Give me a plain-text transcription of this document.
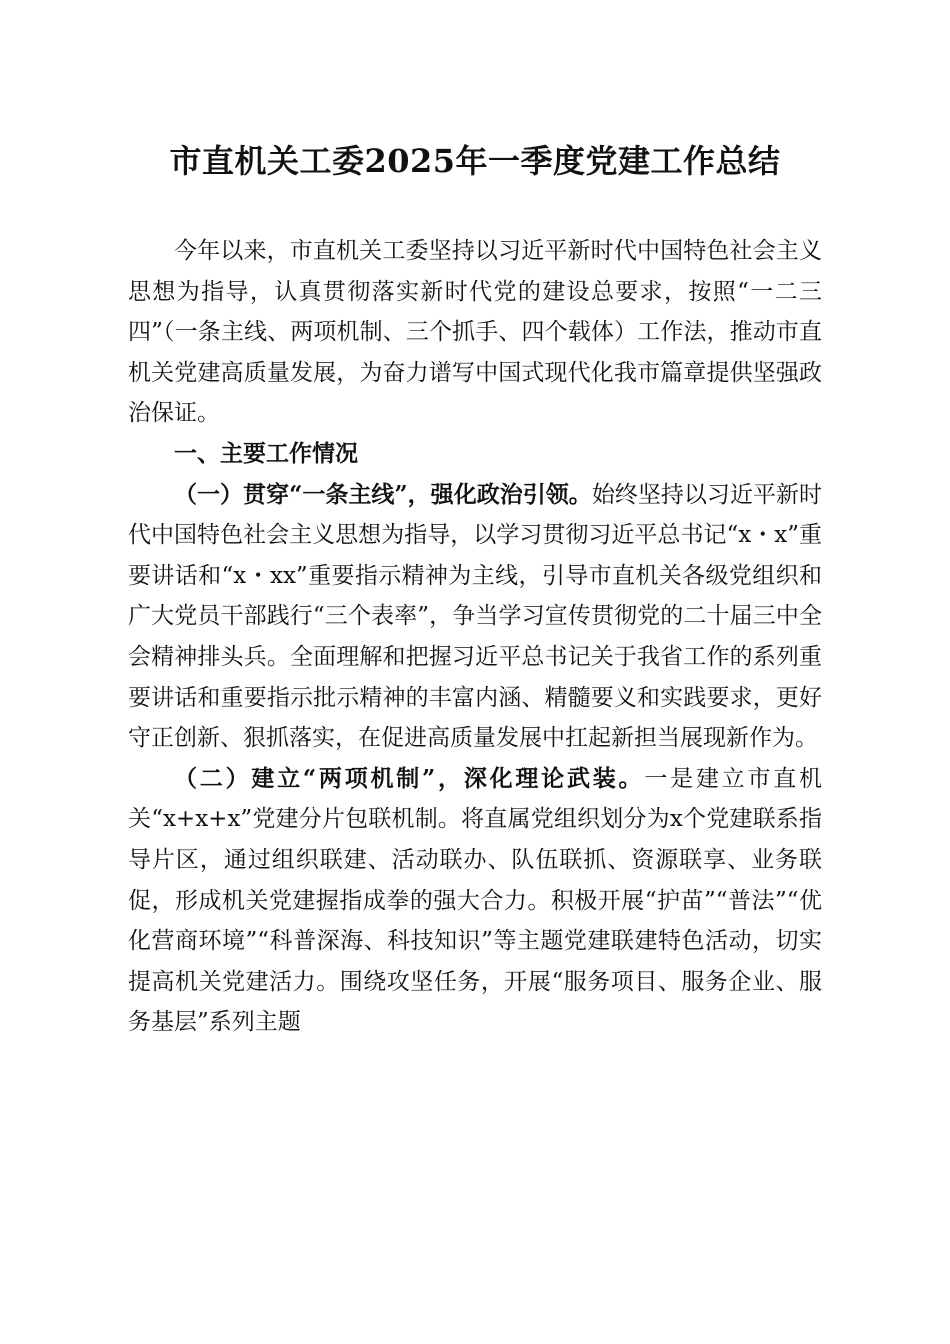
市直机关工委2025年一季度党建工作总结

今年以来，市直机关工委坚持以习近平新时代中国特色社会主义思想为指导，认真贯彻落实新时代党的建设总要求，按照“一二三四”（一条主线、两项机制、三个抓手、四个载体）工作法，推动市直机关党建高质量发展，为奋力谱写中国式现代化我市篇章提供坚强政治保证。

一、主要工作情况

（一）贯穿“一条主线”，强化政治引领。始终坚持以习近平新时代中国特色社会主义思想为指导，以学习贯彻习近平总书记“x・x”重要讲话和“x・xx”重要指示精神为主线，引导市直机关各级党组织和广大党员干部践行“三个表率”，争当学习宣传贯彻党的二十届三中全会精神排头兵。全面理解和把握习近平总书记关于我省工作的系列重要讲话和重要指示批示精神的丰富内涵、精髓要义和实践要求，更好守正创新、狠抓落实，在促进高质量发展中扛起新担当展现新作为。

（二）建立“两项机制”，深化理论武装。一是建立市直机关“x+x+x”党建分片包联机制。将直属党组织划分为x个党建联系指导片区，通过组织联建、活动联办、队伍联抓、资源联享、业务联促，形成机关党建握指成拳的强大合力。积极开展“护苗”“普法”“优化营商环境”“科普深海、科技知识”等主题党建联建特色活动，切实提高机关党建活力。围绕攻坚任务，开展“服务项目、服务企业、服务基层”系列主题
